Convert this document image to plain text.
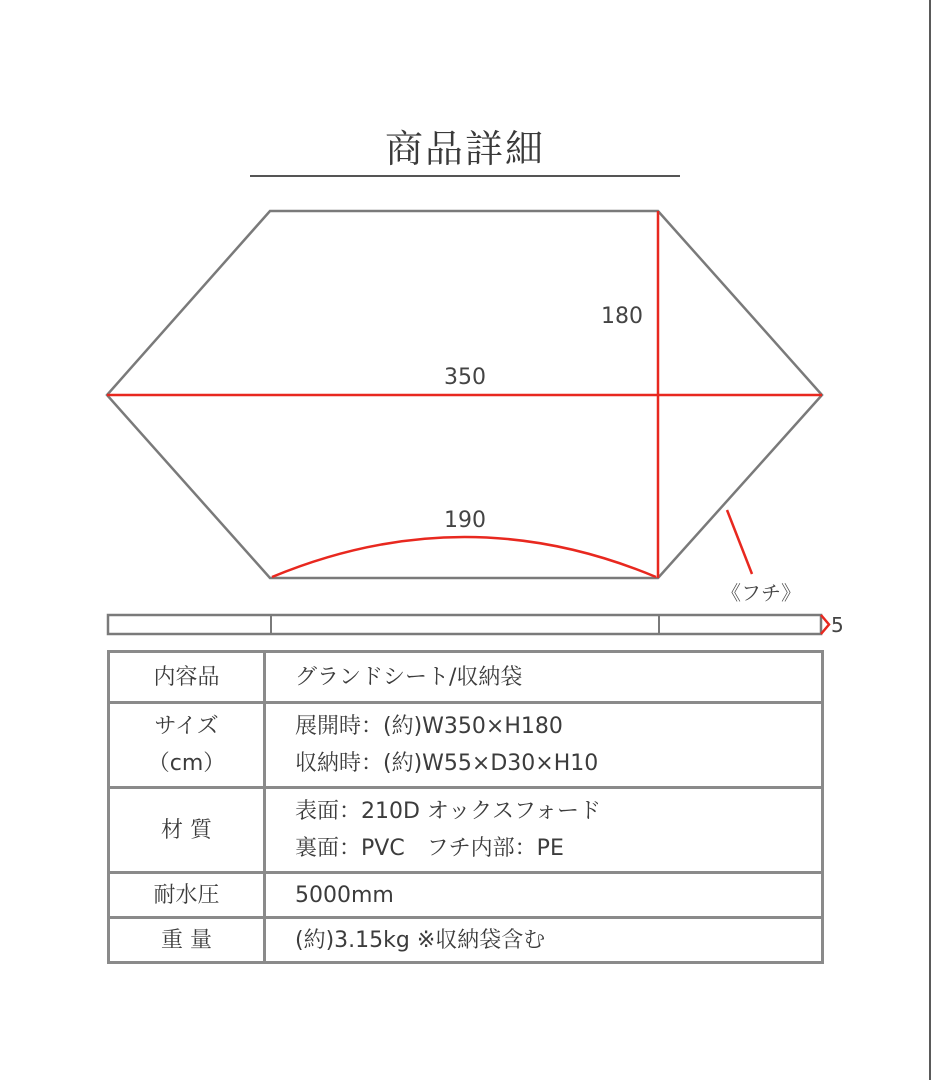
商品詳細
350
180
190
《フチ》
5
内容品	グランドシート/収納袋

サイズ
（cm）	展開時：(約)W350×H180
収納時：(約)W55×D30×H10

材 質	表面：210D オックスフォード
裏面：PVC　フチ内部：PE

耐水圧	5000mm

重 量	(約)3.15kg ※収納袋含む
